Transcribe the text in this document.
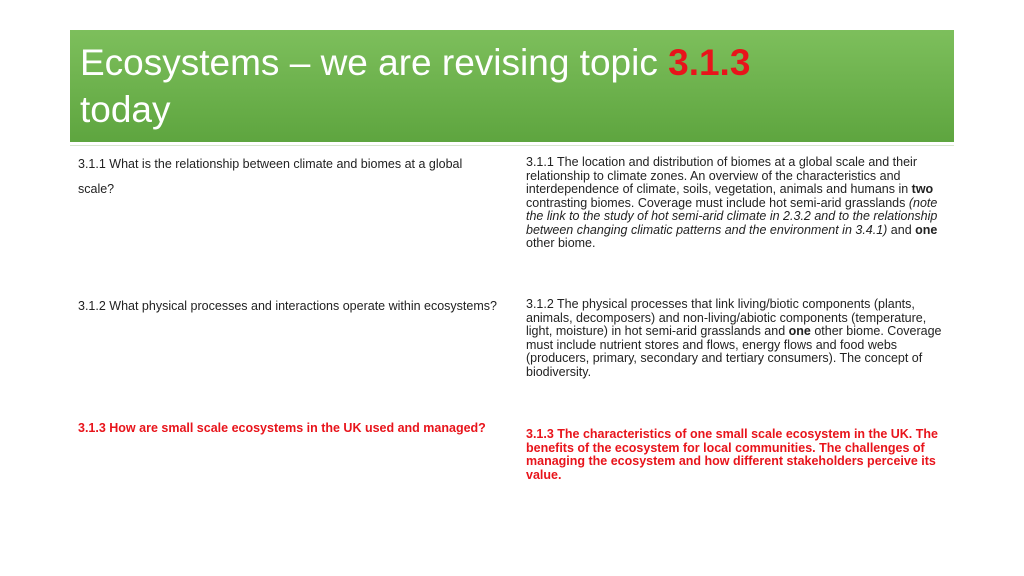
Ecosystems – we are revising topic 3.1.3
today
3.1.1 What is the relationship between climate and biomes at a global scale?
3.1.1 The location and distribution of biomes at a global scale and their relationship to climate zones. An overview of the characteristics and interdependence of climate, soils, vegetation, animals and humans in two contrasting biomes. Coverage must include hot semi-arid grasslands (note the link to the study of hot semi-arid climate in 2.3.2 and to the relationship between changing climatic patterns and the environment in 3.4.1) and one other biome.
3.1.2 What physical processes and interactions operate within ecosystems? 3.1.2 The physical processes that link living/biotic components (plants, animals, decomposers) and non-living/abiotic components (temperature, light, moisture) in hot semi-arid grasslands and one other biome. Coverage must include nutrient stores and flows, energy flows and food webs (producers, primary, secondary and tertiary consumers). The concept of biodiversity.
3.1.3 How are small scale ecosystems in the UK used and managed?	3.1.3 The characteristics of one small scale ecosystem in the UK. The benefits of the ecosystem for local communities. The challenges of managing the ecosystem and how different stakeholders perceive its value.
